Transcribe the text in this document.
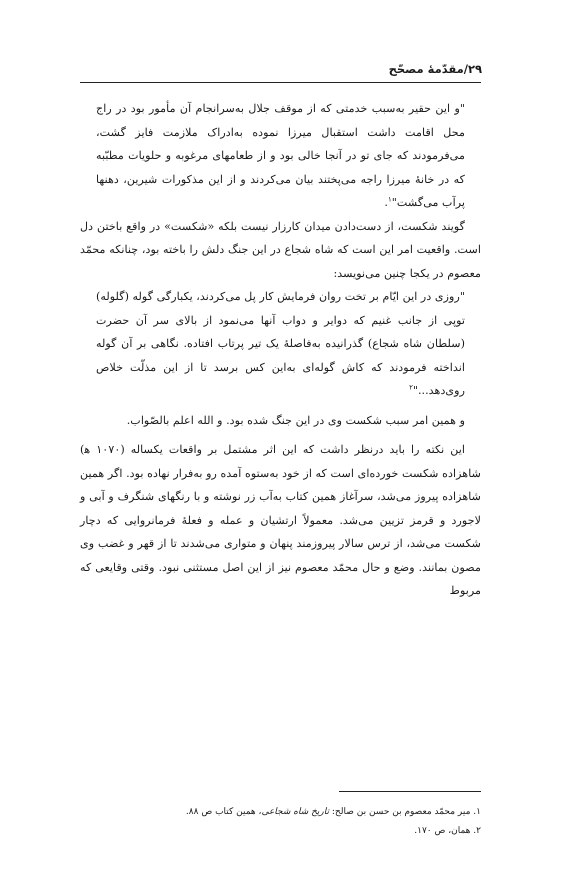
۲۹/مقدّمهٔ مصحّح

"و این حقیر به‌سبب خدمتی که از موقف جلال به‌سرانجام آن مأمور بود در راج محل اقامت داشت استقبال میرزا نموده به‌ادراک ملازمت فایز گشت، می‌فرمودند که جای تو در آنجا خالی بود و از طعامهای مرغوبه و حلویات مطبّبه که در خانهٔ میرزا راجه می‌پختند بیان می‌کردند و از این مذکورات شیرین، دهنها پرآب می‌گشت"$^۱$.

گویند شکست، از دست‌دادن میدان کارزار نیست بلکه «شکست» در واقع باختن دل است. واقعیت امر این است که شاه شجاع در این جنگ دلش را باخته بود، چنانکه محمّد معصوم در یکجا چنین می‌نویسد:

"روزی در این ایّام بر تخت روان فرمایش کار پل می‌کردند، یکبارگی گوله (گلوله) توپی از جانب غنیم که دوایر و دواب آنها می‌نمود از بالای سر آن حضرت (سلطان شاه شجاع) گذرانیده به‌فاصلهٔ یک تیر پرتاب افتاده. نگاهی بر آن گوله انداخته فرمودند که کاش گوله‌ای به‌این کس برسد تا از این مذلّت خلاص روی‌دهد..."$^۲$

و همین امر سبب شکست وی در این جنگ شده بود. و الله اعلم بالصّواب.

این نکته را باید درنظر داشت که این اثر مشتمل بر واقعات یکساله (۱۰۷۰ ﻫ) شاهزاده شکست خورده‌ای است که از خود به‌ستوه آمده رو به‌فرار نهاده بود. اگر همین شاهزاده پیروز می‌شد، سرآغاز همین کتاب به‌آب زر نوشته و با رنگهای شنگرف و آبی و لاجورد و قرمز تزیین می‌شد. معمولاً ارتشیان و عمله و فعلهٔ فرمانروایی که دچار شکست می‌شد، از ترس سالار پیروزمند پنهان و متواری می‌شدند تا از قهر و غضب وی مصون بمانند. وضع و حال محمّد معصوم نیز از این اصل مستثنی نبود. وقتی وقایعی که مربوط

۱. میر محمّد معصوم بن حسن بن صالح: تاریخ شاه شجاعی، همین کتاب ص ۸۸.
۲. همان، ص ۱۷۰.
